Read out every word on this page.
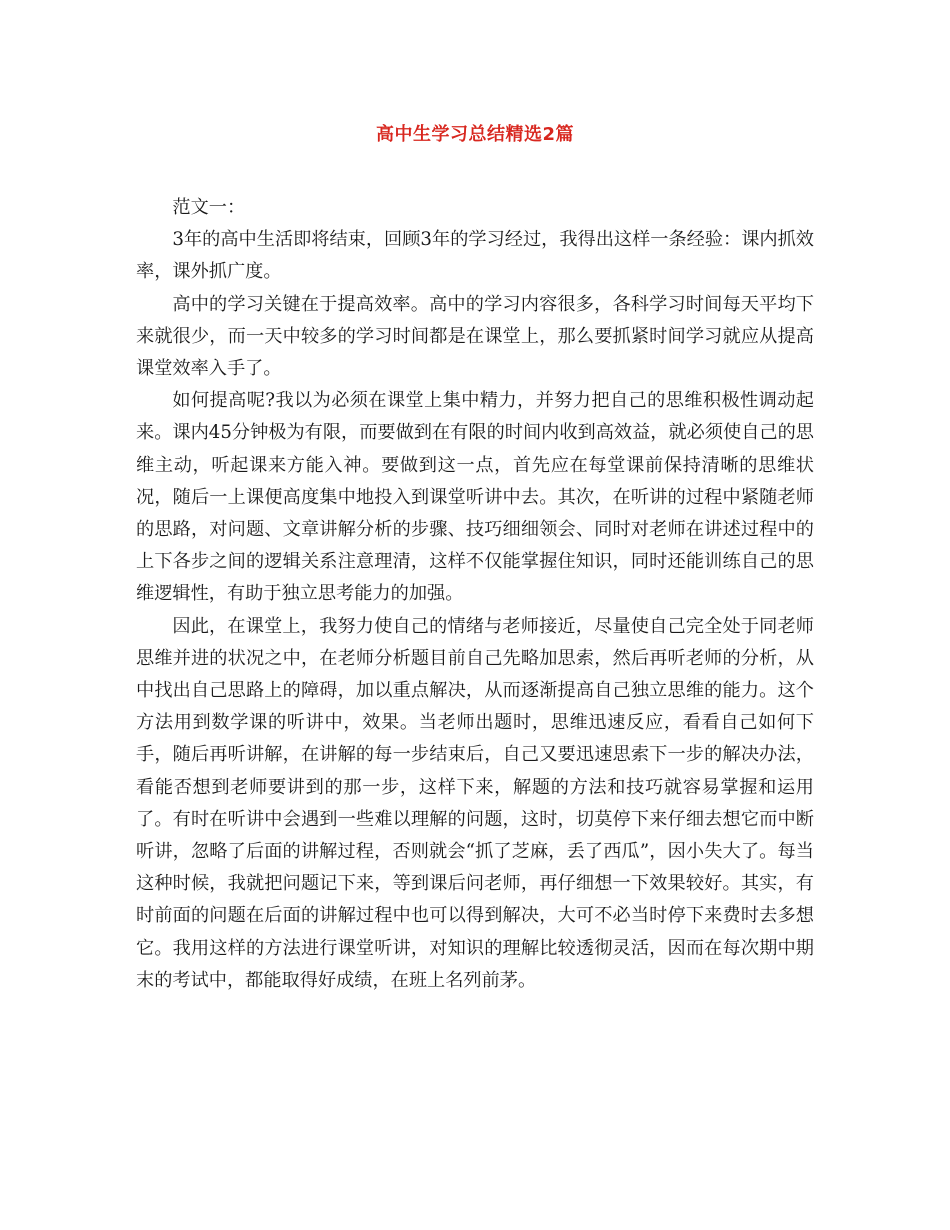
高中生学习总结精选2篇

范文一：

3年的高中生活即将结束，回顾3年的学习经过，我得出这样一条经验：课内抓效率，课外抓广度。

高中的学习关键在于提高效率。高中的学习内容很多，各科学习时间每天平均下来就很少，而一天中较多的学习时间都是在课堂上，那么要抓紧时间学习就应从提高课堂效率入手了。

如何提高呢?我以为必须在课堂上集中精力，并努力把自己的思维积极性调动起来。课内45分钟极为有限，而要做到在有限的时间内收到高效益，就必须使自己的思维主动，听起课来方能入神。要做到这一点，首先应在每堂课前保持清晰的思维状况，随后一上课便高度集中地投入到课堂听讲中去。其次，在听讲的过程中紧随老师的思路，对问题、文章讲解分析的步骤、技巧细细领会、同时对老师在讲述过程中的上下各步之间的逻辑关系注意理清，这样不仅能掌握住知识，同时还能训练自己的思维逻辑性，有助于独立思考能力的加强。

因此，在课堂上，我努力使自己的情绪与老师接近，尽量使自己完全处于同老师思维并进的状况之中，在老师分析题目前自己先略加思索，然后再听老师的分析，从中找出自己思路上的障碍，加以重点解决，从而逐渐提高自己独立思维的能力。这个方法用到数学课的听讲中，效果。当老师出题时，思维迅速反应，看看自己如何下手，随后再听讲解，在讲解的每一步结束后，自己又要迅速思索下一步的解决办法，看能否想到老师要讲到的那一步，这样下来，解题的方法和技巧就容易掌握和运用了。有时在听讲中会遇到一些难以理解的问题，这时，切莫停下来仔细去想它而中断听讲，忽略了后面的讲解过程，否则就会“抓了芝麻，丢了西瓜”，因小失大了。每当这种时候，我就把问题记下来，等到课后问老师，再仔细想一下效果较好。其实，有时前面的问题在后面的讲解过程中也可以得到解决，大可不必当时停下来费时去多想它。我用这样的方法进行课堂听讲，对知识的理解比较透彻灵活，因而在每次期中期末的考试中，都能取得好成绩，在班上名列前茅。
